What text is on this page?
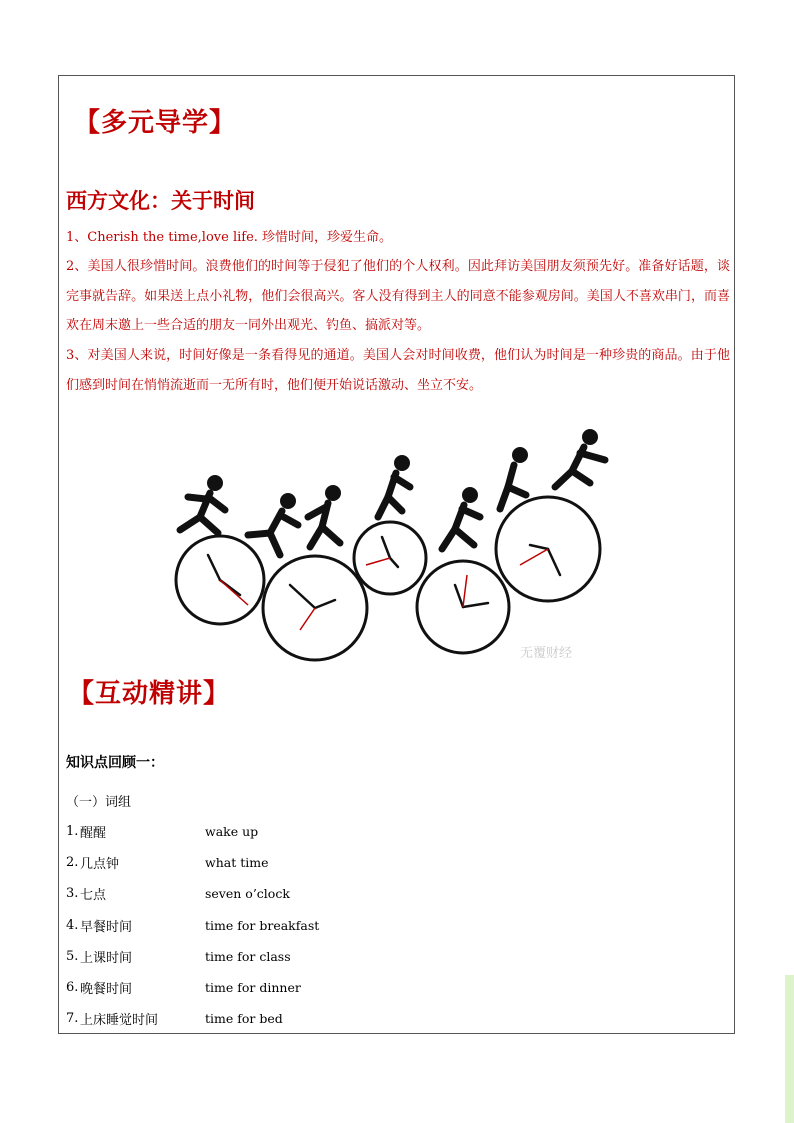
【多元导学】
西方文化：关于时间

1、Cherish the time,love life. 珍惜时间，珍爱生命。

2、美国人很珍惜时间。浪费他们的时间等于侵犯了他们的个人权利。因此拜访美国朋友须预先好。准备好话题，谈完事就告辞。如果送上点小礼物，他们会很高兴。客人没有得到主人的同意不能参观房间。美国人不喜欢串门，而喜欢在周末邀上一些合适的朋友一同外出观光、钓鱼、搞派对等。

3、对美国人来说，时间好像是一条看得见的通道。美国人会对时间收费，他们认为时间是一种珍贵的商品。由于他们感到时间在悄悄流逝而一无所有时，他们便开始说话激动、坐立不安。

无覆财经
【互动精讲】

知识点回顾一：

（一）词组

1. 醒醒	wake up
2. 几点钟	what time
3. 七点	seven o’clock
4. 早餐时间	time for breakfast
5. 上课时间	time for class
6. 晚餐时间	time for dinner
7. 上床睡觉时间	time for bed
